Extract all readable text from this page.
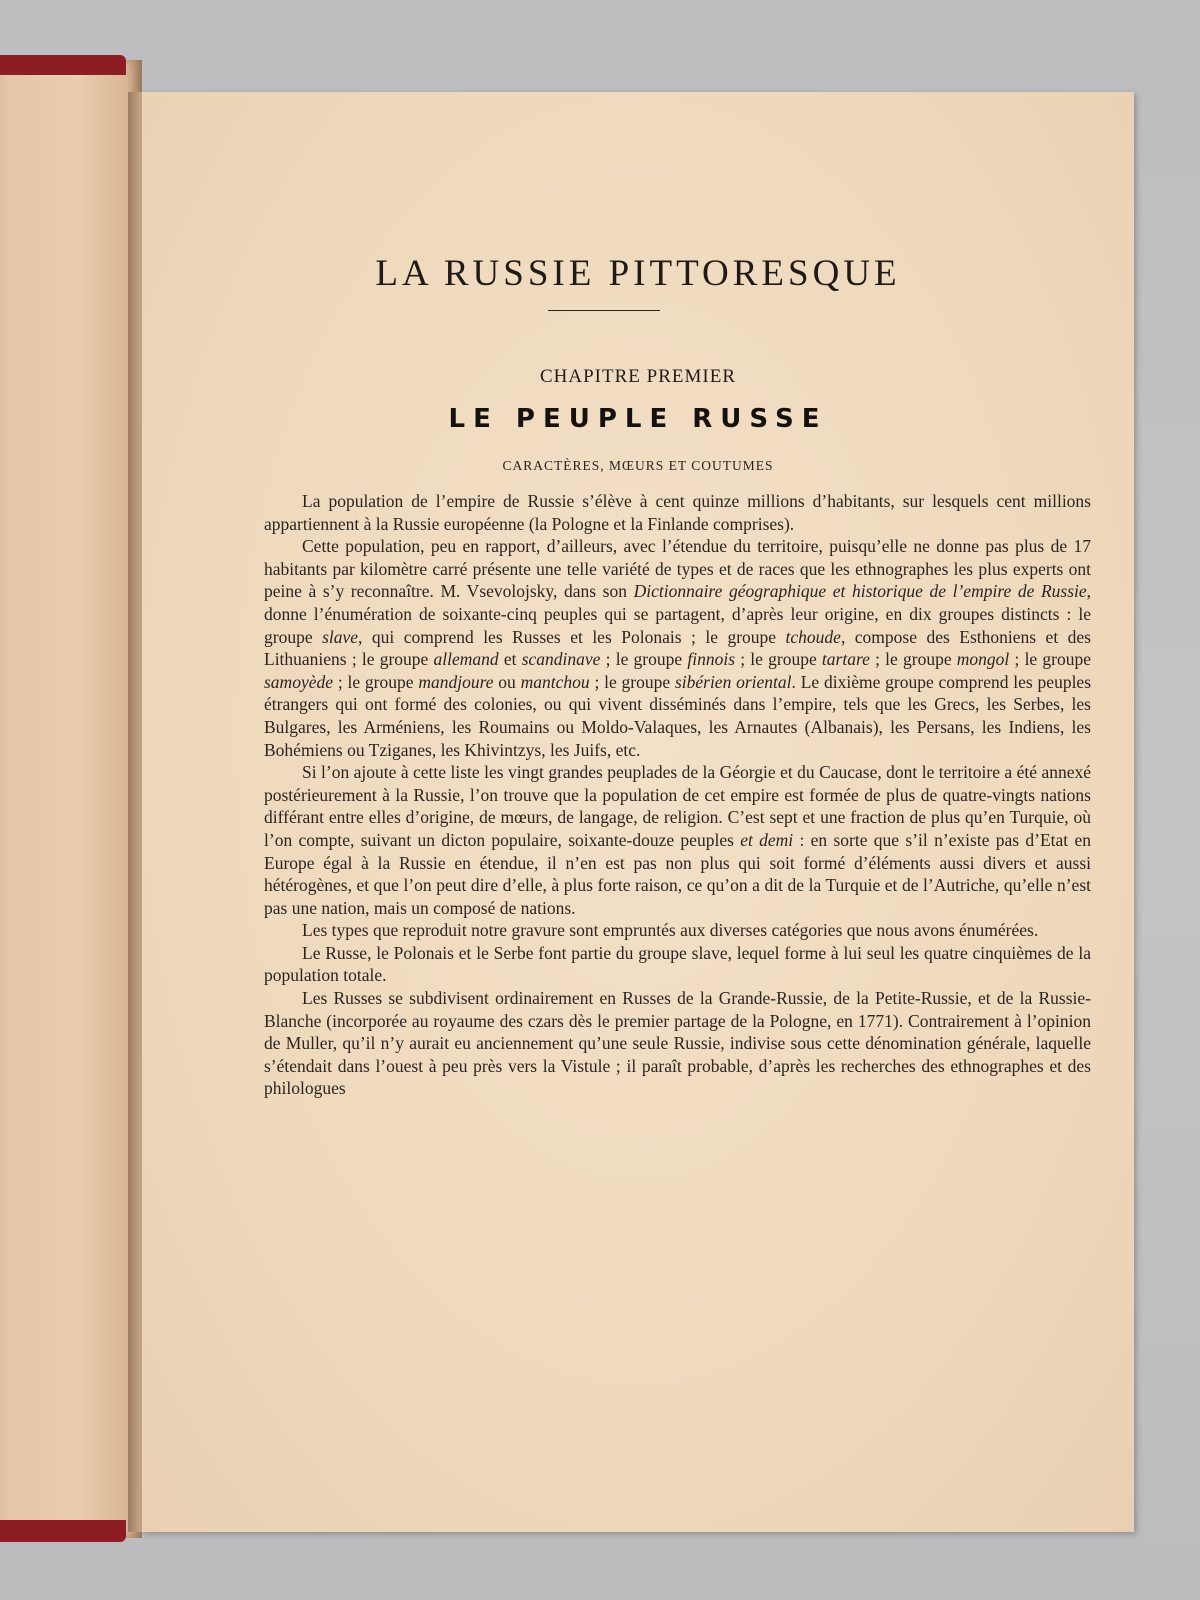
LA RUSSIE PITTORESQUE
CHAPITRE PREMIER
LE PEUPLE RUSSE
CARACTÈRES, MŒURS ET COUTUMES

La population de l’empire de Russie s’élève à cent quinze millions d’habitants, sur lesquels cent millions appartiennent à la Russie européenne (la Pologne et la Finlande comprises).

Cette population, peu en rapport, d’ailleurs, avec l’étendue du territoire, puisqu’elle ne donne pas plus de 17 habitants par kilomètre carré présente une telle variété de types et de races que les ethnographes les plus experts ont peine à s’y reconnaître. M. Vsevolojsky, dans son Dictionnaire géographique et historique de l’empire de Russie, donne l’énumération de soixante-cinq peuples qui se partagent, d’après leur origine, en dix groupes distincts : le groupe slave, qui comprend les Russes et les Polonais ; le groupe tchoude, compose des Esthoniens et des Lithuaniens ; le groupe allemand et scandinave ; le groupe finnois ; le groupe tartare ; le groupe mongol ; le groupe samoyède ; le groupe mandjoure ou mantchou ; le groupe sibérien oriental. Le dixième groupe comprend les peuples étrangers qui ont formé des colonies, ou qui vivent disséminés dans l’empire, tels que les Grecs, les Serbes, les Bulgares, les Arméniens, les Roumains ou Moldo-Valaques, les Arnautes (Albanais), les Persans, les Indiens, les Bohémiens ou Tziganes, les Khivintzys, les Juifs, etc.

Si l’on ajoute à cette liste les vingt grandes peuplades de la Géorgie et du Caucase, dont le territoire a été annexé postérieurement à la Russie, l’on trouve que la population de cet empire est formée de plus de quatre-vingts nations différant entre elles d’origine, de mœurs, de langage, de religion. C’est sept et une fraction de plus qu’en Turquie, où l’on compte, suivant un dicton populaire, soixante-douze peuples et demi : en sorte que s’il n’existe pas d’Etat en Europe égal à la Russie en étendue, il n’en est pas non plus qui soit formé d’éléments aussi divers et aussi hétérogènes, et que l’on peut dire d’elle, à plus forte raison, ce qu’on a dit de la Turquie et de l’Autriche, qu’elle n’est pas une nation, mais un composé de nations.

Les types que reproduit notre gravure sont empruntés aux diverses catégories que nous avons énumérées.

Le Russe, le Polonais et le Serbe font partie du groupe slave, lequel forme à lui seul les quatre cinquièmes de la population totale.

Les Russes se subdivisent ordinairement en Russes de la Grande-Russie, de la Petite-Russie, et de la Russie-Blanche (incorporée au royaume des czars dès le premier partage de la Pologne, en 1771). Contrairement à l’opinion de Muller, qu’il n’y aurait eu anciennement qu’une seule Russie, indivise sous cette dénomination générale, laquelle s’étendait dans l’ouest à peu près vers la Vistule ; il paraît probable, d’après les recherches des ethnographes et des philologues
